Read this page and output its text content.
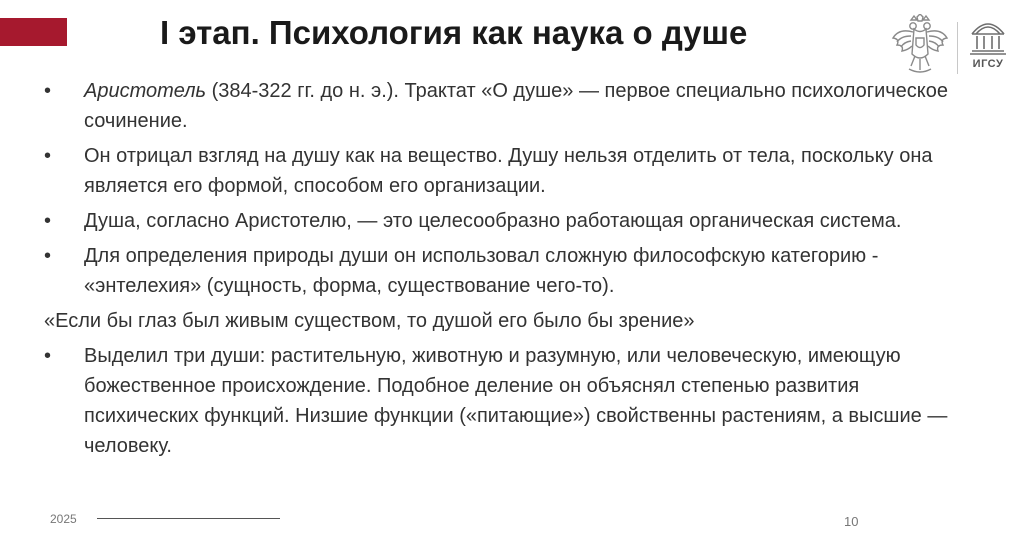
I этап. Психология как наука о душе
ИГСУ
• Аристотель (384-322 гг. до н. э.). Трактат «О душе» — первое специально психологическое сочинение.
• Он отрицал взгляд на душу как на вещество. Душу нельзя отделить от тела, поскольку она является его формой, способом его организации.
• Душа, согласно Аристотелю, — это целесообразно работающая органическая система.
• Для определения природы души он использовал сложную философскую категорию - «энтелехия» (сущность, форма, существование чего-то).
«Если бы глаз был живым существом, то душой его было бы зрение»
• Выделил три души: растительную, животную и разумную, или человеческую, имеющую божественное происхождение. Подобное деление он объяснял степенью развития психических функций. Низшие функции («питающие») свойственны растениям, а высшие — человеку.
2025	10
